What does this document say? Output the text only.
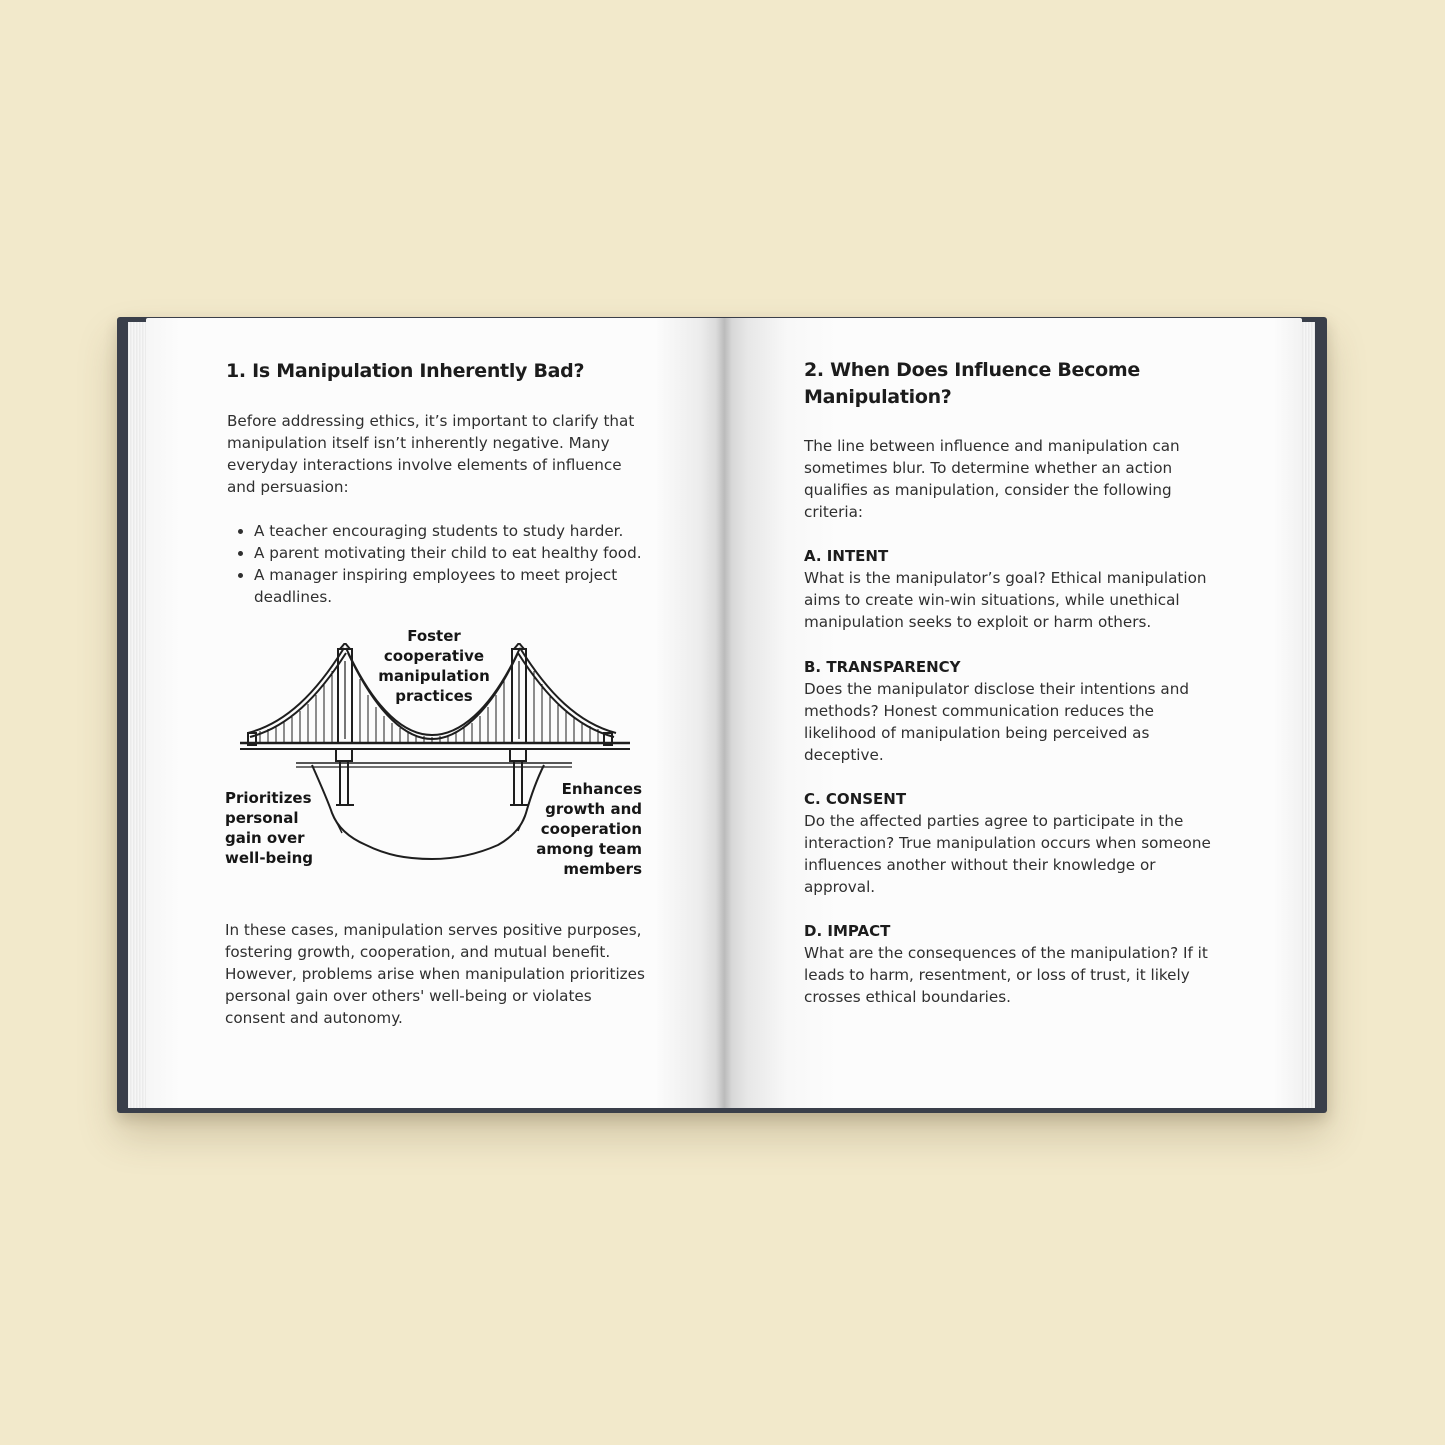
1. Is Manipulation Inherently Bad?

Before addressing ethics, it’s important to clarify that manipulation itself isn’t inherently negative. Many everyday interactions involve elements of influence and persuasion:

• A teacher encouraging students to study harder.
• A parent motivating their child to eat healthy food.
• A manager inspiring employees to meet project deadlines.
Foster cooperative manipulation practices
Prioritizes personal gain over well-being
Enhances growth and cooperation among team members

In these cases, manipulation serves positive purposes, fostering growth, cooperation, and mutual benefit. However, problems arise when manipulation prioritizes personal gain over others' well-being or violates consent and autonomy.

2. When Does Influence Become Manipulation?

The line between influence and manipulation can sometimes blur. To determine whether an action qualifies as manipulation, consider the following criteria:

A. INTENT
What is the manipulator’s goal? Ethical manipulation aims to create win-win situations, while unethical manipulation seeks to exploit or harm others.
B. TRANSPARENCY
Does the manipulator disclose their intentions and methods? Honest communication reduces the likelihood of manipulation being perceived as deceptive.
C. CONSENT
Do the affected parties agree to participate in the interaction? True manipulation occurs when someone influences another without their knowledge or approval.
D. IMPACT
What are the consequences of the manipulation? If it leads to harm, resentment, or loss of trust, it likely crosses ethical boundaries.
